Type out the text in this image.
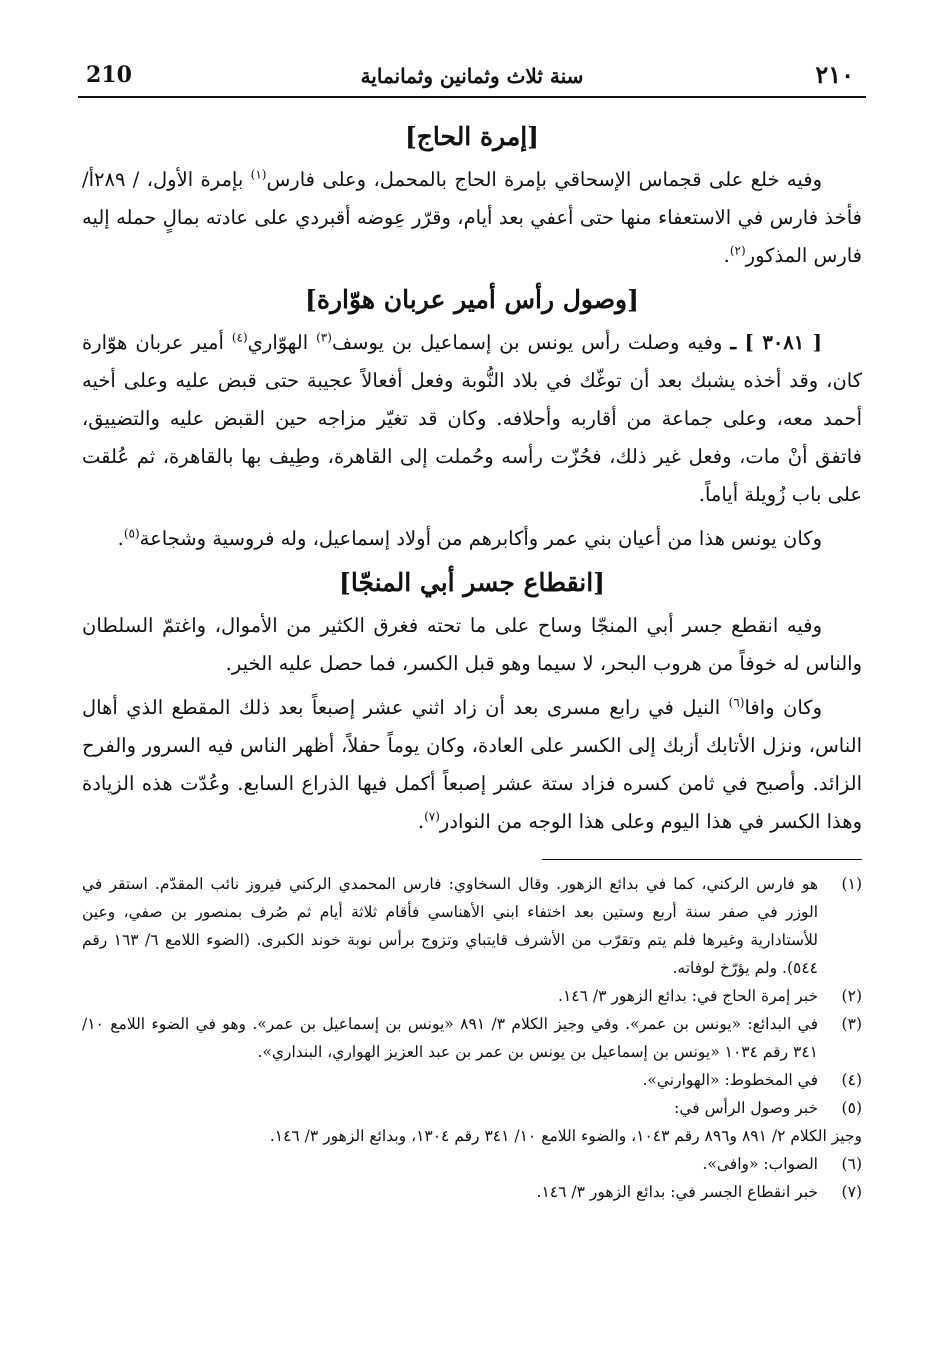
210	سنة ثلاث وثمانين وثمانماية	٢١٠
[إمرة الحاج]

وفيه خلع على قجماس الإسحاقي بإمرة الحاج بالمحمل، وعلى فارس$^{(١)}$ بإمرة الأول، / ٢٨٩أ/ فأخذ فارس في الاستعفاء منها حتى أعفي بعد أيام، وقرّر عِوضه أقبردي على عادته بمالٍ حمله إليه فارس المذكور$^{(٢)}$.

[وصول رأس أمير عربان هوّارة]

[ ٣٠٨١ ] ـ وفيه وصلت رأس يونس بن إسماعيل بن يوسف$^{(٣)}$ الهوّاري$^{(٤)}$ أمير عربان هوّارة كان، وقد أخذه يشبك بعد أن توغّك في بلاد النُّوبة وفعل أفعالاً عجيبة حتى قبض عليه وعلى أخيه أحمد معه، وعلى جماعة من أقاربه وأحلافه. وكان قد تغيّر مزاجه حين القبض عليه والتضييق، فاتفق أنْ مات، وفعل غير ذلك، فحُزّت رأسه وحُملت إلى القاهرة، وطِيف بها بالقاهرة، ثم عُلقت على باب زُويلة أياماً.

وكان يونس هذا من أعيان بني عمر وأكابرهم من أولاد إسماعيل، وله فروسية وشجاعة$^{(٥)}$.

[انقطاع جسر أبي المنجّا]

وفيه انقطع جسر أبي المنجّا وساح على ما تحته فغرق الكثير من الأموال، واغتمّ السلطان والناس له خوفاً من هروب البحر، لا سيما وهو قبل الكسر، فما حصل عليه الخير.

وكان وافا$^{(٦)}$ النيل في رابع مسرى بعد أن زاد اثني عشر إصبعاً بعد ذلك المقطع الذي أهال الناس، ونزل الأتابك أزبك إلى الكسر على العادة، وكان يوماً حفلاً، أظهر الناس فيه السرور والفرح الزائد. وأصبح في ثامن كسره فزاد ستة عشر إصبعاً أكمل فيها الذراع السابع. وعُدّت هذه الزيادة وهذا الكسر في هذا اليوم وعلى هذا الوجه من النوادر$^{(٧)}$.

(١)
هو فارس الركني، كما في بدائع الزهور. وقال السخاوي: فارس المحمدي الركني فيروز نائب المقدّم. استقر في الوزر في صفر سنة أربع وستين بعد اختفاء ابني الأهناسي فأقام ثلاثة أيام ثم صُرف بمنصور بن صفي، وعين للأستادارية وغيرها فلم يتم وتقرّب من الأشرف قايتباي وتزوج برأس نوبة خوند الكبرى. (الضوء اللامع ٦/ ١٦٣ رقم ٥٤٤). ولم يؤرّخ لوفاته.
(٢)
خبر إمرة الحاج في: بدائع الزهور ٣/ ١٤٦.
(٣)
في البدائع: «يونس بن عمر». وفي وجيز الكلام ٣/ ٨٩١ «يونس بن إسماعيل بن عمر». وهو في الضوء اللامع ١٠/ ٣٤١ رقم ١٠٣٤ «يونس بن إسماعيل بن يونس بن عمر بن عبد العزيز الهواري، البنداري».
(٤)
في المخطوط: «الهوارني».
(٥)
خبر وصول الرأس في:
وجيز الكلام ٢/ ٨٩١ و٨٩٦ رقم ١٠٤٣، والضوء اللامع ١٠/ ٣٤١ رقم ١٣٠٤، وبدائع الزهور ٣/ ١٤٦.
(٦)
الصواب: «وافى».
(٧)
خبر انقطاع الجسر في: بدائع الزهور ٣/ ١٤٦.
